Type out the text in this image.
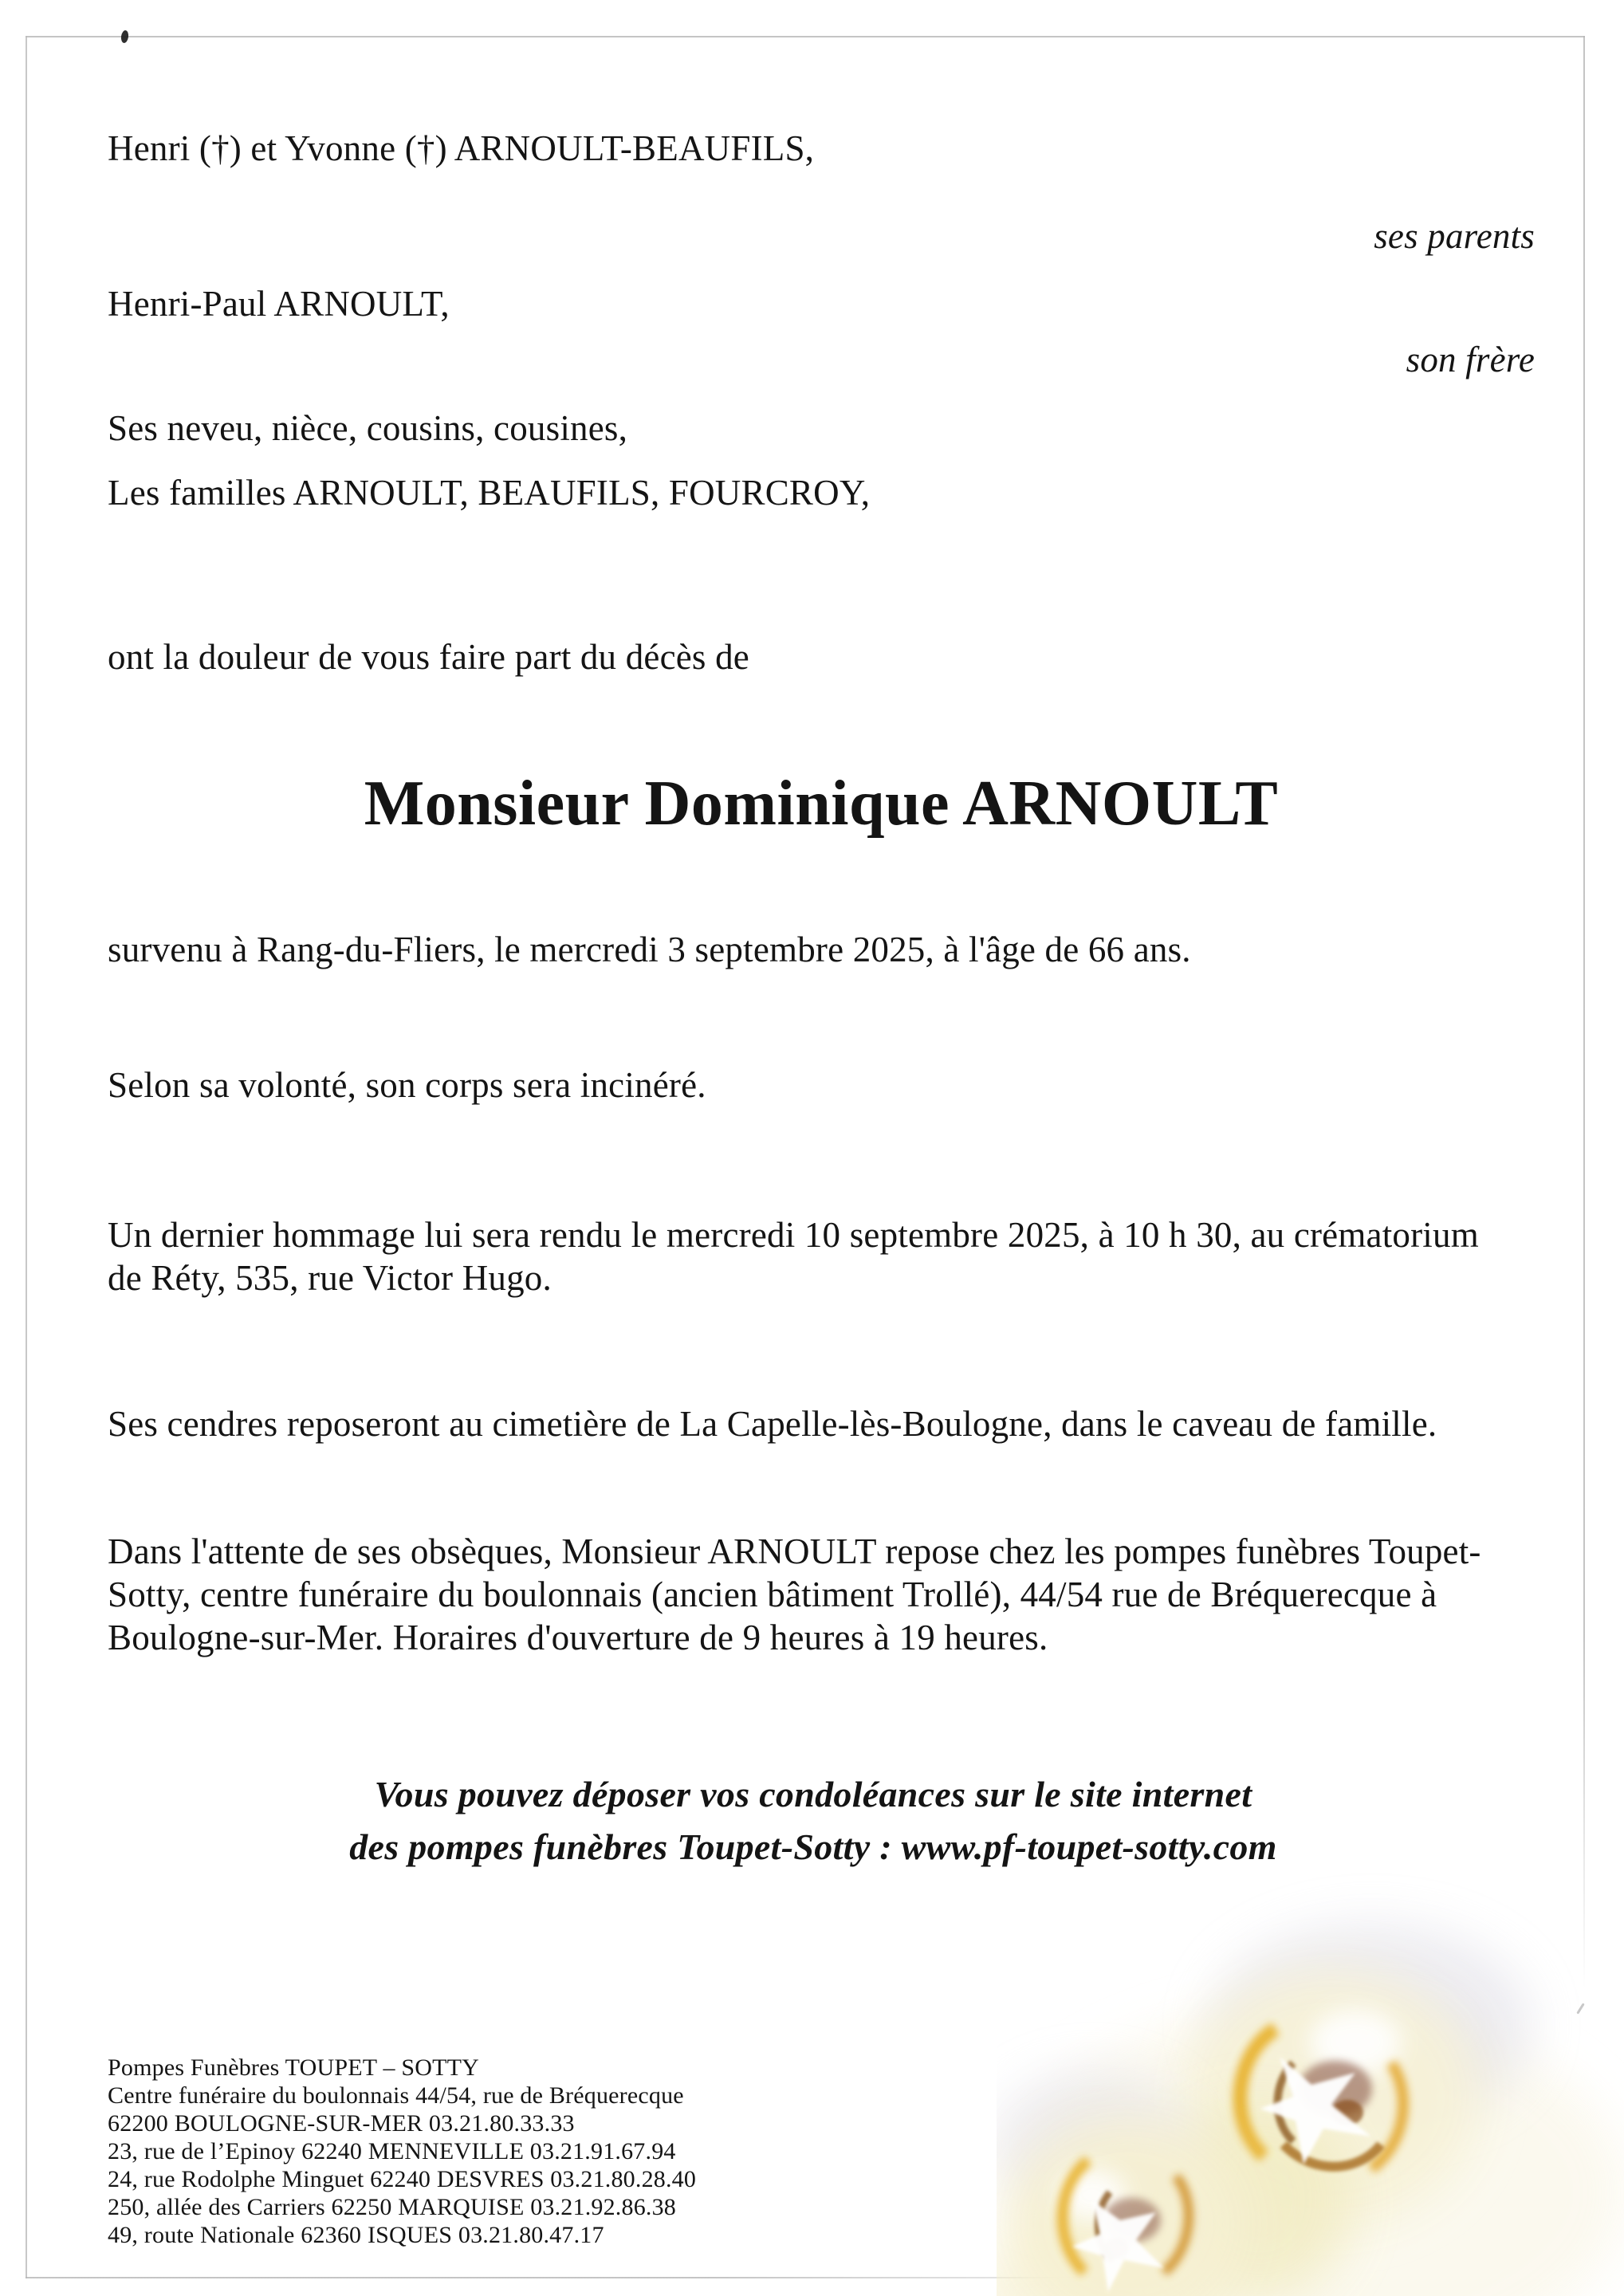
Henri (†) et Yvonne (†) ARNOULT-BEAUFILS,
ses parents
Henri-Paul ARNOULT,
son frère
Ses neveu, nièce, cousins, cousines,
Les familles ARNOULT, BEAUFILS, FOURCROY,
ont la douleur de vous faire part du décès de
Monsieur Dominique ARNOULT
survenu à Rang-du-Fliers, le mercredi 3 septembre 2025, à l'âge de 66 ans.
Selon sa volonté, son corps sera incinéré.
Un dernier hommage lui sera rendu le mercredi 10 septembre 2025, à 10 h 30, au crématorium
de Réty, 535, rue Victor Hugo.
Ses cendres reposeront au cimetière de La Capelle-lès-Boulogne, dans le caveau de famille.
Dans l'attente de ses obsèques, Monsieur ARNOULT repose chez les pompes funèbres Toupet-
Sotty, centre funéraire du boulonnais (ancien bâtiment Trollé), 44/54 rue de Bréquerecque à
Boulogne-sur-Mer. Horaires d'ouverture de 9 heures à 19 heures.
Vous pouvez déposer vos condoléances sur le site internet
des pompes funèbres Toupet-Sotty : www.pf-toupet-sotty.com
Pompes Funèbres TOUPET – SOTTY
Centre funéraire du boulonnais 44/54, rue de Bréquerecque
62200 BOULOGNE-SUR-MER 03.21.80.33.33
23, rue de l’Epinoy 62240 MENNEVILLE 03.21.91.67.94
24, rue Rodolphe Minguet 62240 DESVRES 03.21.80.28.40
250, allée des Carriers 62250 MARQUISE 03.21.92.86.38
49, route Nationale 62360 ISQUES 03.21.80.47.17
